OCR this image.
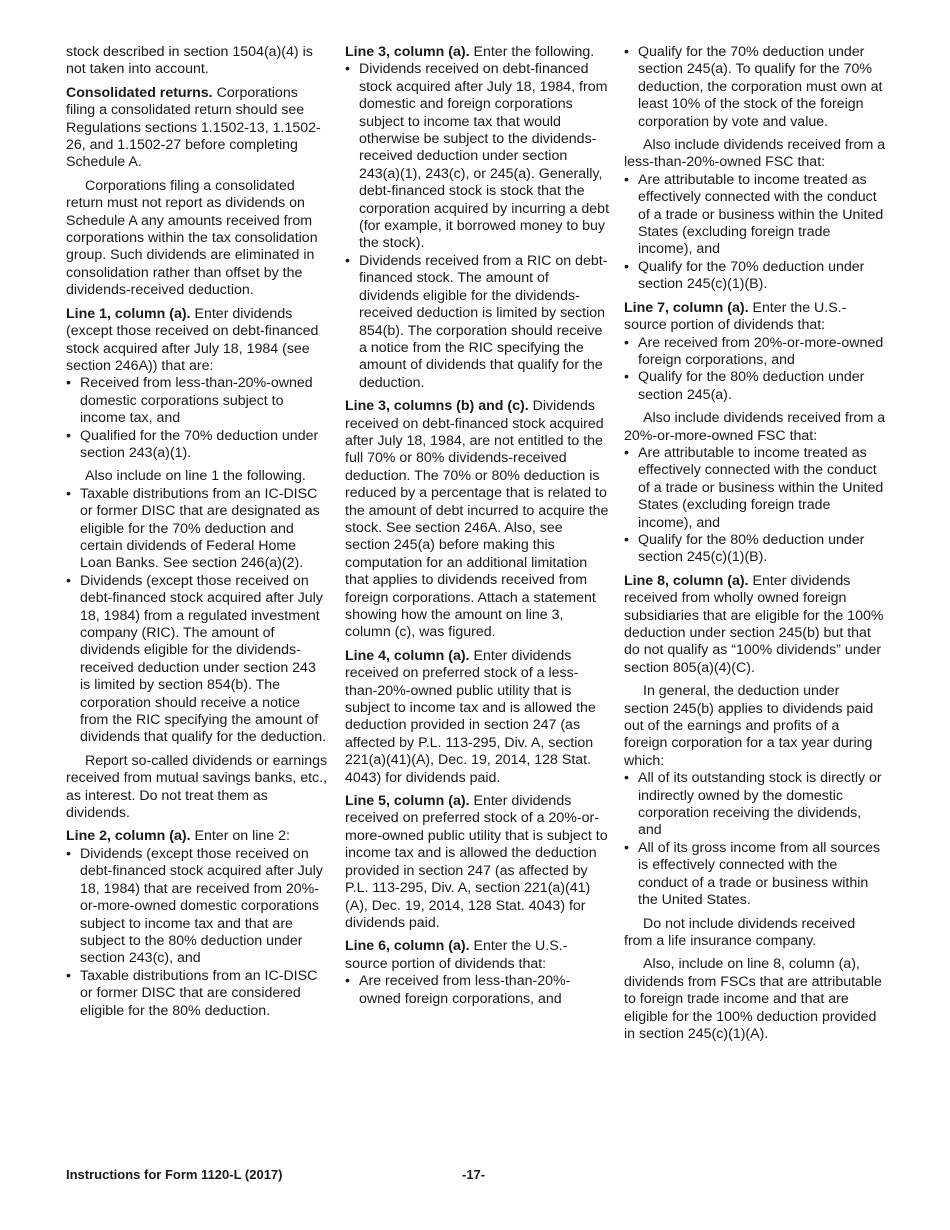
stock described in section 1504(a)(4) is not taken into account.

Consolidated returns. Corporations filing a consolidated return should see Regulations sections 1.1502-13, 1.1502-26, and 1.1502-27 before completing Schedule A.

Corporations filing a consolidated return must not report as dividends on Schedule A any amounts received from corporations within the tax consolidation group. Such dividends are eliminated in consolidation rather than offset by the dividends-received deduction.

Line 1, column (a). Enter dividends (except those received on debt-financed stock acquired after July 18, 1984 (see section 246A)) that are:

• Received from less-than-20%-owned domestic corporations subject to income tax, and

• Qualified for the 70% deduction under section 243(a)(1).

Also include on line 1 the following.

• Taxable distributions from an IC-DISC or former DISC that are designated as eligible for the 70% deduction and certain dividends of Federal Home Loan Banks. See section 246(a)(2).

• Dividends (except those received on debt-financed stock acquired after July 18, 1984) from a regulated investment company (RIC). The amount of dividends eligible for the dividends-received deduction under section 243 is limited by section 854(b). The corporation should receive a notice from the RIC specifying the amount of dividends that qualify for the deduction.

Report so-called dividends or earnings received from mutual savings banks, etc., as interest. Do not treat them as dividends.

Line 2, column (a). Enter on line 2:

• Dividends (except those received on debt-financed stock acquired after July 18, 1984) that are received from 20%-or-more-owned domestic corporations subject to income tax and that are subject to the 80% deduction under section 243(c), and

• Taxable distributions from an IC-DISC or former DISC that are considered eligible for the 80% deduction.

Line 3, column (a). Enter the following.

• Dividends received on debt-financed stock acquired after July 18, 1984, from domestic and foreign corporations subject to income tax that would otherwise be subject to the dividends-received deduction under section 243(a)(1), 243(c), or 245(a). Generally, debt-financed stock is stock that the corporation acquired by incurring a debt (for example, it borrowed money to buy the stock).

• Dividends received from a RIC on debt-financed stock. The amount of dividends eligible for the dividends-received deduction is limited by section 854(b). The corporation should receive a notice from the RIC specifying the amount of dividends that qualify for the deduction.

Line 3, columns (b) and (c). Dividends received on debt-financed stock acquired after July 18, 1984, are not entitled to the full 70% or 80% dividends-received deduction. The 70% or 80% deduction is reduced by a percentage that is related to the amount of debt incurred to acquire the stock. See section 246A. Also, see section 245(a) before making this computation for an additional limitation that applies to dividends received from foreign corporations. Attach a statement showing how the amount on line 3, column (c), was figured.

Line 4, column (a). Enter dividends received on preferred stock of a less-than-20%-owned public utility that is subject to income tax and is allowed the deduction provided in section 247 (as affected by P.L. 113-295, Div. A, section 221(a)(41)(A), Dec. 19, 2014, 128 Stat. 4043) for dividends paid.

Line 5, column (a). Enter dividends received on preferred stock of a 20%-or-more-owned public utility that is subject to income tax and is allowed the deduction provided in section 247 (as affected by P.L. 113-295, Div. A, section 221(a)(41)(A), Dec. 19, 2014, 128 Stat. 4043) for dividends paid.

Line 6, column (a). Enter the U.S.-source portion of dividends that:

• Are received from less-than-20%-owned foreign corporations, and

• Qualify for the 70% deduction under section 245(a). To qualify for the 70% deduction, the corporation must own at least 10% of the stock of the foreign corporation by vote and value.

Also include dividends received from a less-than-20%-owned FSC that:

• Are attributable to income treated as effectively connected with the conduct of a trade or business within the United States (excluding foreign trade income), and

• Qualify for the 70% deduction under section 245(c)(1)(B).

Line 7, column (a). Enter the U.S.-source portion of dividends that:

• Are received from 20%-or-more-owned foreign corporations, and

• Qualify for the 80% deduction under section 245(a).

Also include dividends received from a 20%-or-more-owned FSC that:

• Are attributable to income treated as effectively connected with the conduct of a trade or business within the United States (excluding foreign trade income), and

• Qualify for the 80% deduction under section 245(c)(1)(B).

Line 8, column (a). Enter dividends received from wholly owned foreign subsidiaries that are eligible for the 100% deduction under section 245(b) but that do not qualify as “100% dividends” under section 805(a)(4)(C).

In general, the deduction under section 245(b) applies to dividends paid out of the earnings and profits of a foreign corporation for a tax year during which:

• All of its outstanding stock is directly or indirectly owned by the domestic corporation receiving the dividends, and

• All of its gross income from all sources is effectively connected with the conduct of a trade or business within the United States.

Do not include dividends received from a life insurance company.

Also, include on line 8, column (a), dividends from FSCs that are attributable to foreign trade income and that are eligible for the 100% deduction provided in section 245(c)(1)(A).

Instructions for Form 1120-L (2017)	-17-
